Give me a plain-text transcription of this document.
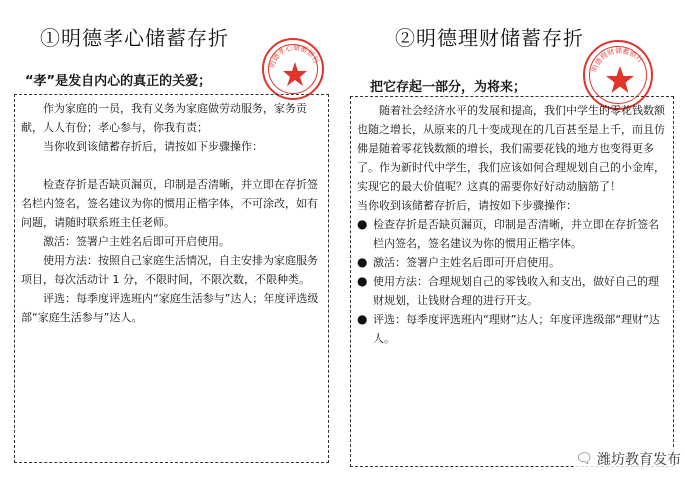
①明德孝心储蓄存折	②明德理财储蓄存折
“孝”是发自内心的真正的关爱；	把它存起一部分，为将来；
明德孝心储蓄银行
明德理财储蓄银行

作为家庭的一员，我有义务为家庭做劳动服务，家务贡献，人人有份；孝心参与，你我有责；

当你收到该储蓄存折后，请按如下步骤操作：

检查存折是否缺页漏页，印制是否清晰，并立即在存折签名栏内签名，签名建议为你的惯用正楷字体，不可涂改，如有问题，请随时联系班主任老师。

激活：签署户主姓名后即可开启使用。

使用方法：按照自己家庭生活情况，自主安排为家庭服务项目，每次活动计 1 分，不限时间，不限次数，不限种类。

评选：每季度评选班内“家庭生活参与”达人；年度评选级部“家庭生活参与”达人。

随着社会经济水平的发展和提高，我们中学生的零花钱数额也随之增长，从原来的几十变成现在的几百甚至是上千，而且仿佛是随着零花钱数额的增长，我们需要花钱的地方也变得更多了。作为新时代中学生，我们应该如何合理规划自己的小金库，实现它的最大价值呢？这真的需要你好好动动脑筋了！

当你收到该储蓄存折后，请按如下步骤操作：

● 检查存折是否缺页漏页，印制是否清晰，并立即在存折签名栏内签名，签名建议为你的惯用正楷字体。
● 激活：签署户主姓名后即可开启使用。
● 使用方法：合理规划自己的零钱收入和支出，做好自己的理财规划，让钱财合理的进行开支。
● 评选：每季度评选班内“理财”达人；年度评选级部“理财”达人。
🗨 潍坊教育发布
